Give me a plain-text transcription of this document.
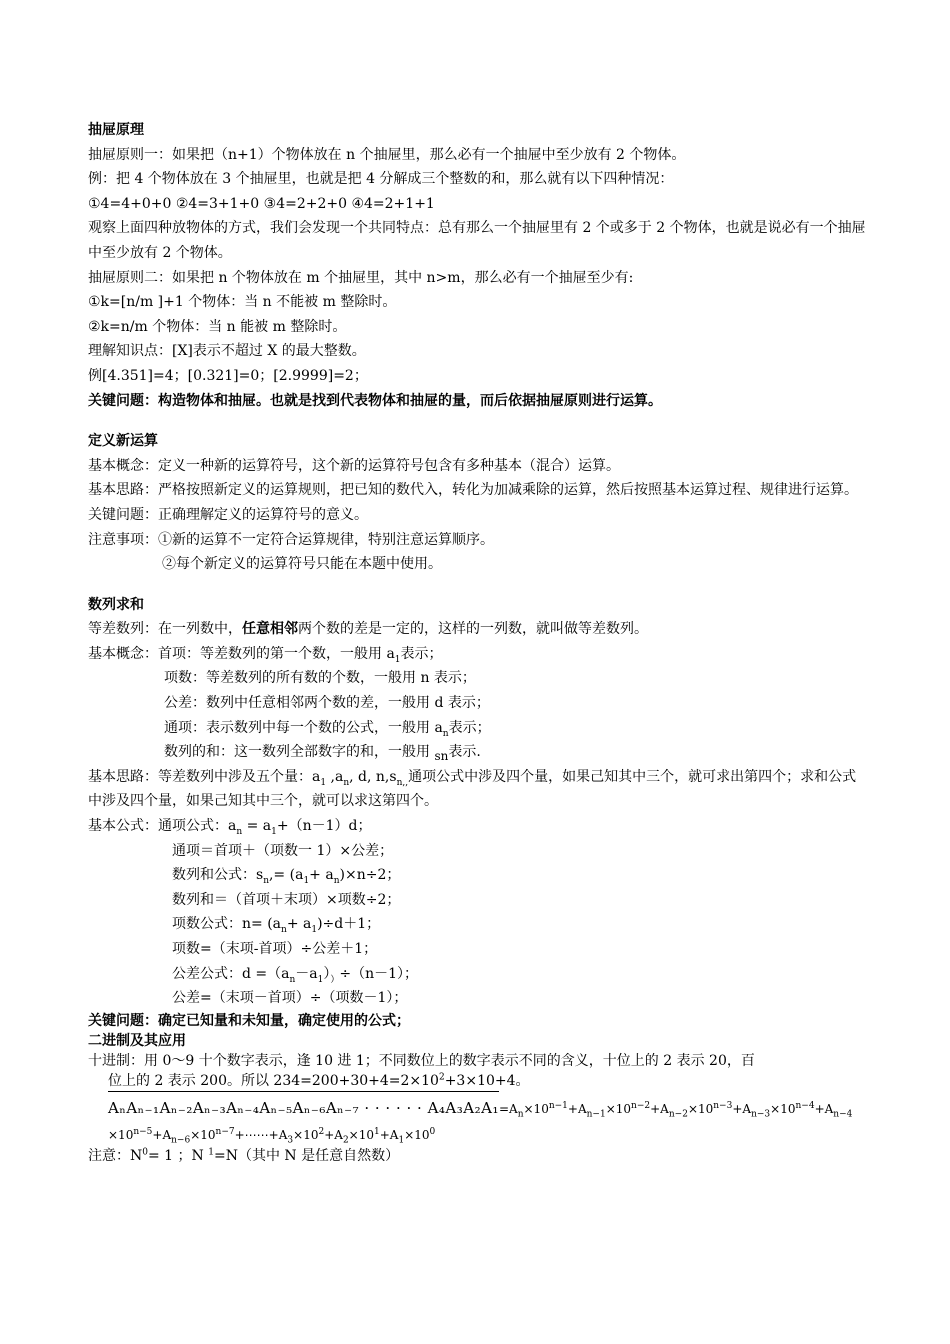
抽屉原理
抽屉原则一：如果把（n+1）个物体放在 n 个抽屉里，那么必有一个抽屉中至少放有 2 个物体。
例：把 4 个物体放在 3 个抽屉里，也就是把 4 分解成三个整数的和，那么就有以下四种情况：
①4=4+0+0 ②4=3+1+0 ③4=2+2+0 ④4=2+1+1
观察上面四种放物体的方式，我们会发现一个共同特点：总有那么一个抽屉里有 2 个或多于 2 个物体，也就是说必有一个抽屉中至少放有 2 个物体。
抽屉原则二：如果把 n 个物体放在 m 个抽屉里，其中 n>m，那么必有一个抽屉至少有:
①k=[n/m ]+1 个物体：当 n 不能被 m 整除时。
②k=n/m 个物体：当 n 能被 m 整除时。
理解知识点：[X]表示不超过 X 的最大整数。
例[4.351]=4；[0.321]=0；[2.9999]=2；
关键问题：构造物体和抽屉。也就是找到代表物体和抽屉的量，而后依据抽屉原则进行运算。
定义新运算
基本概念：定义一种新的运算符号，这个新的运算符号包含有多种基本（混合）运算。
基本思路：严格按照新定义的运算规则，把已知的数代入，转化为加减乘除的运算，然后按照基本运算过程、规律进行运算。
关键问题：正确理解定义的运算符号的意义。
注意事项：①新的运算不一定符合运算规律，特别注意运算顺序。
②每个新定义的运算符号只能在本题中使用。
数列求和
等差数列：在一列数中，任意相邻两个数的差是一定的，这样的一列数，就叫做等差数列。
基本概念：首项：等差数列的第一个数，一般用 $a_1$表示；
项数：等差数列的所有数的个数，一般用 n 表示；
公差：数列中任意相邻两个数的差，一般用 d 表示；
通项：表示数列中每一个数的公式，一般用 $a_n$表示；
数列的和：这一数列全部数字的和，一般用 $_{sn}$表示.
基本思路：等差数列中涉及五个量：$a_1$ $,a_n$, d, $n,s_{n,,}$通项公式中涉及四个量，如果己知其中三个，就可求出第四个；求和公式中涉及四个量，如果己知其中三个，就可以求这第四个。
基本公式：通项公式：$a_n = a_1+(n-1)d$；
通项＝首项＋（项数一 1）×公差；
数列和公式：$s_n,= (a_1+ a_n)\times n\div 2$；
数列和＝（首项＋末项）×项数÷2；
项数公式：$n= (a_n+ a_1)\div d+1$；
项数=（末项-首项）÷公差＋1；
公差公式：$d =(a_n-a_1)_)\div(n-1)$；
公差=（末项－首项）÷（项数－1）；
关键问题：确定已知量和未知量，确定使用的公式；
二进制及其应用
十进制：用 0～9 十个数字表示，逢 10 进 1；不同数位上的数字表示不同的含义，十位上的 2 表示 20，百
位上的 2 表示 200。所以 $234=200+30+4=2\times 10^2+3\times 10+4$。
AₙAₙ₋₁Aₙ₋₂Aₙ₋₃Aₙ₋₄Aₙ₋₅Aₙ₋₆Aₙ₋₇ · · · · · · $A_4A_3A_2A_1=A_n\times 10^{n-1}+A_{n-1}\times 10^{n-2}+A_{n-2}\times 10^{n-3}+A_{n-3}\times 10^{n-4}+A_{n-4}$
$\times 10^{n-5}+A_{n-6}\times 10^{n-7}+\cdots\cdots+A_3\times 10^2+A_2\times 10^1+A_1\times 10^0$
注意：$N^0= 1$ ；N $^1$=N（其中 N 是任意自然数）
